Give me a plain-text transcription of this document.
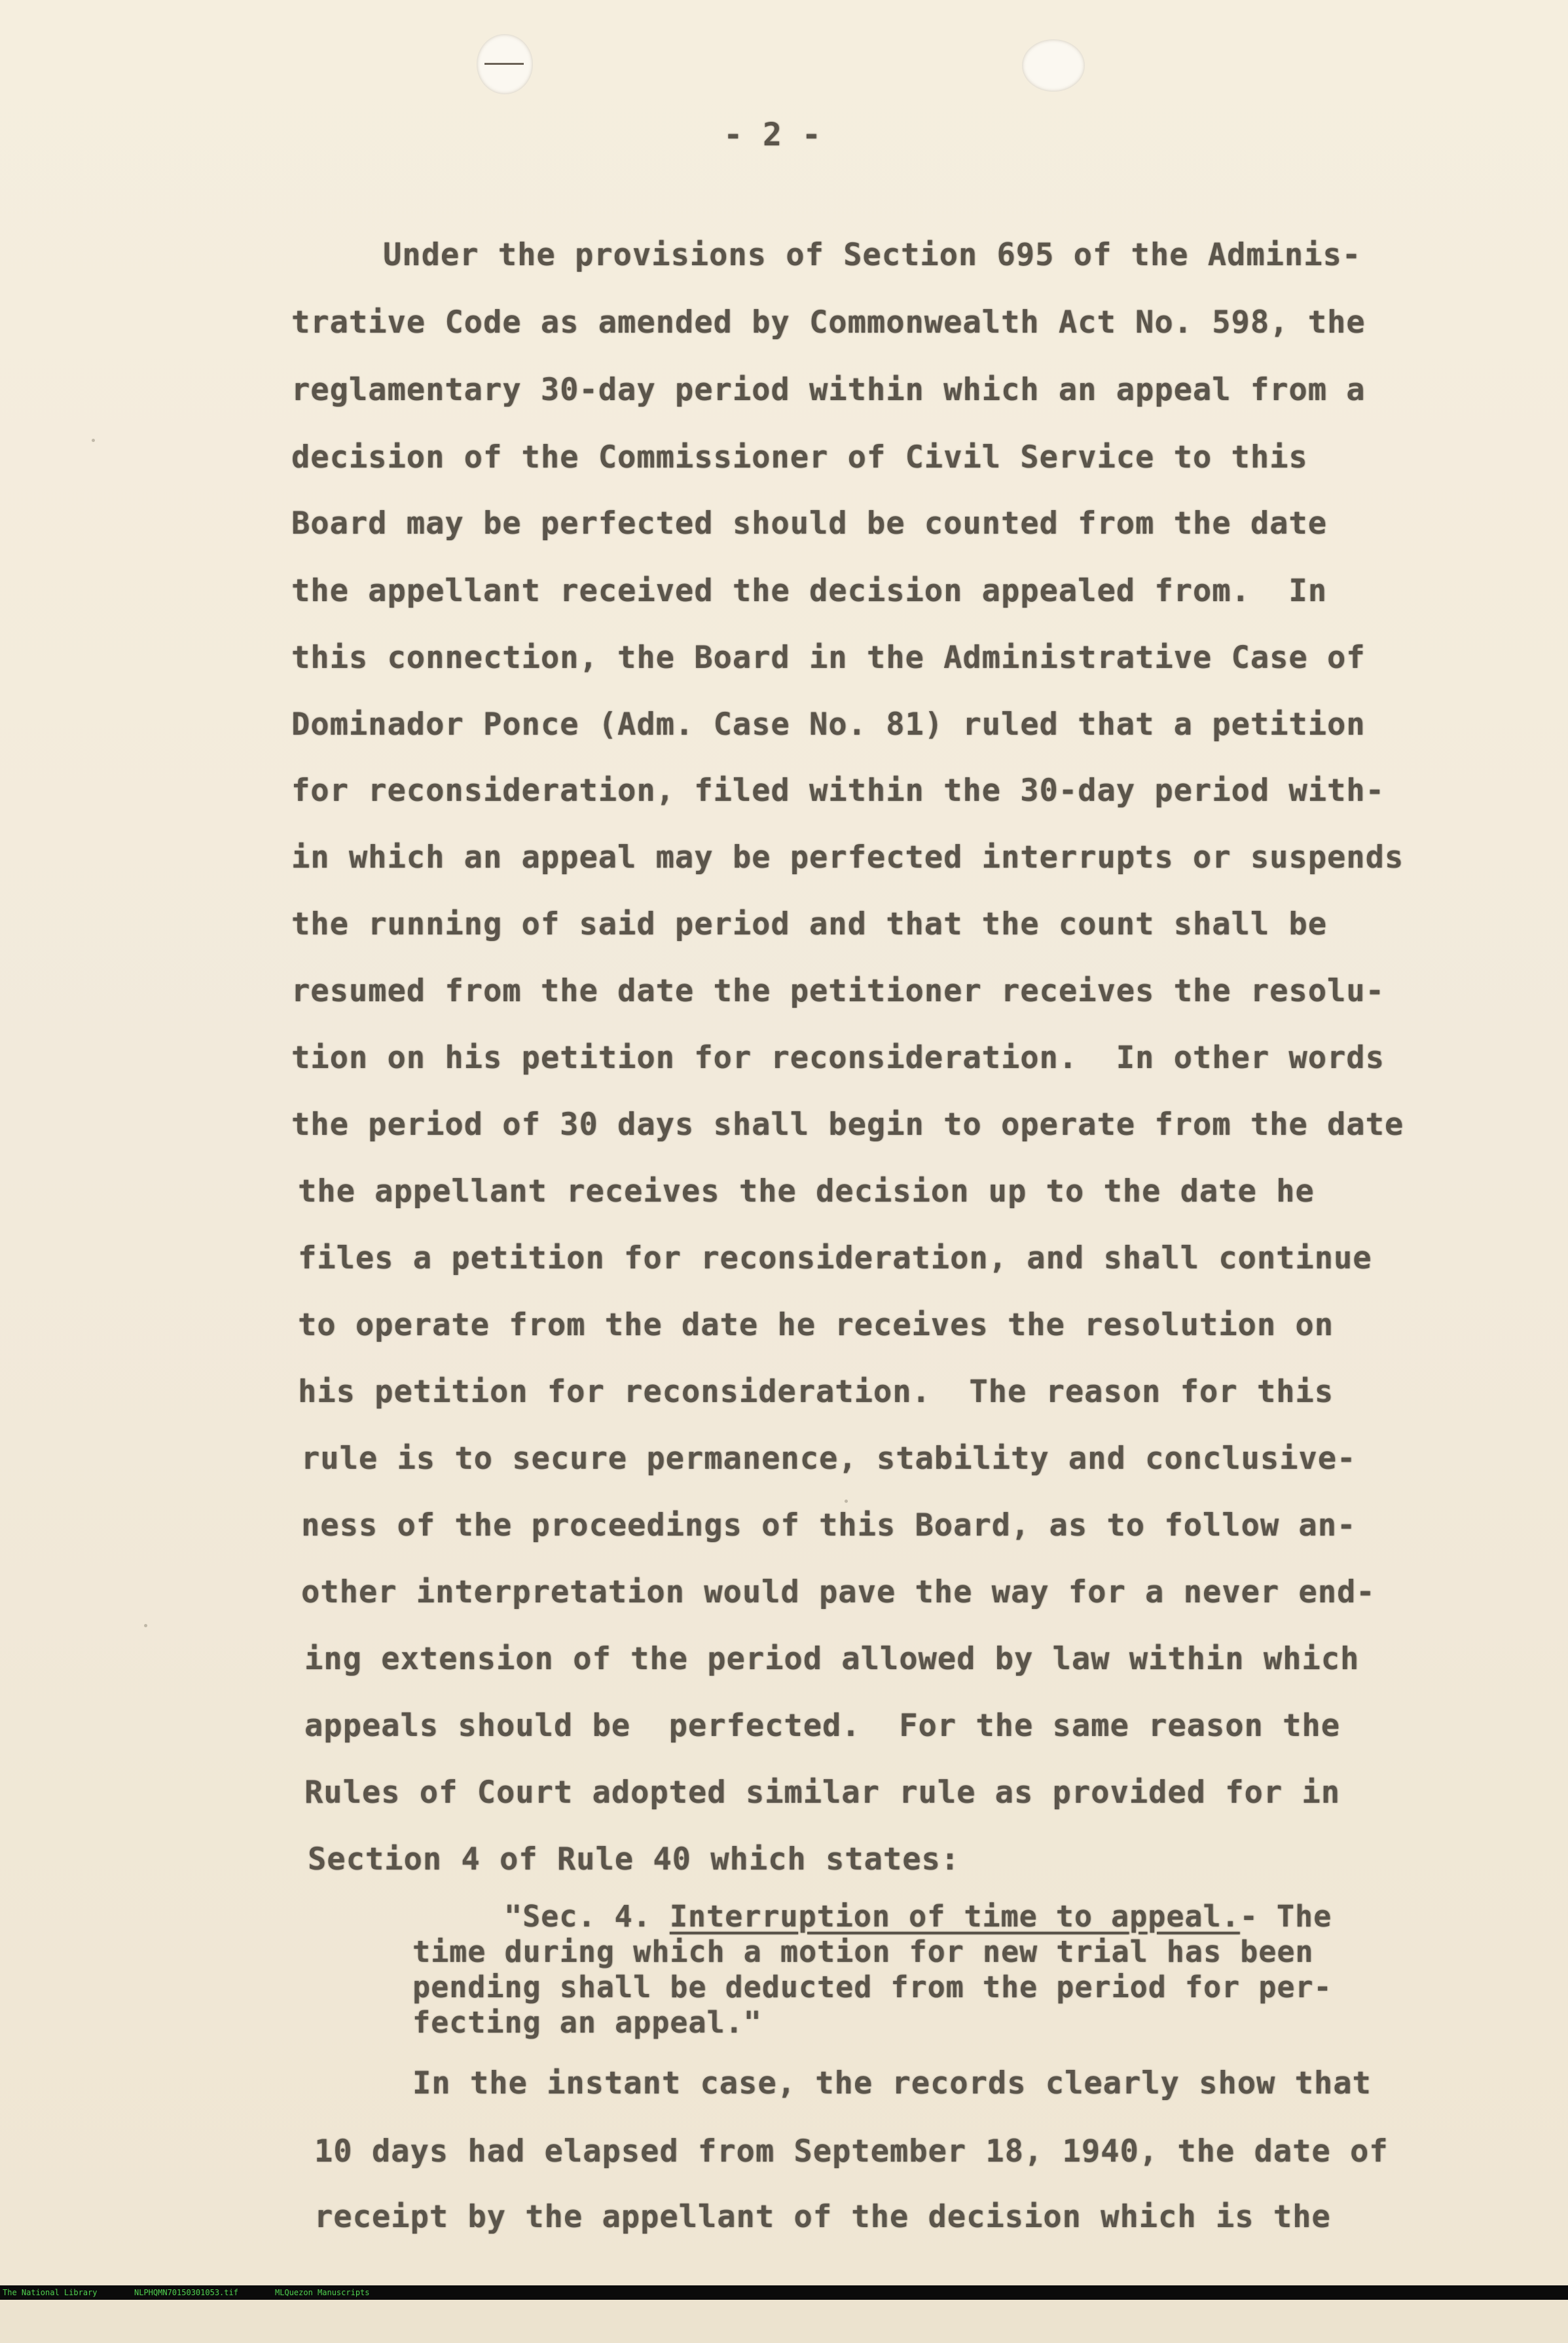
- 2 -
Under the provisions of Section 695 of the Adminis-
trative Code as amended by Commonwealth Act No. 598, the
reglamentary 30-day period within which an appeal from a
decision of the Commissioner of Civil Service to this
Board may be perfected should be counted from the date
the appellant received the decision appealed from.  In
this connection, the Board in the Administrative Case of
Dominador Ponce (Adm. Case No. 81) ruled that a petition
for reconsideration, filed within the 30-day period with-
in which an appeal may be perfected interrupts or suspends
the running of said period and that the count shall be
resumed from the date the petitioner receives the resolu-
tion on his petition for reconsideration.  In other words
the period of 30 days shall begin to operate from the date
the appellant receives the decision up to the date he
files a petition for reconsideration, and shall continue
to operate from the date he receives the resolution on
his petition for reconsideration.  The reason for this
rule is to secure permanence, stability and conclusive-
ness of the proceedings of this Board, as to follow an-
other interpretation would pave the way for a never end-
ing extension of the period allowed by law within which
appeals should be  perfected.  For the same reason the
Rules of Court adopted similar rule as provided for in
Section 4 of Rule 40 which states:
"Sec. 4. Interruption of time to appeal.- The
time during which a motion for new trial has been
pending shall be deducted from the period for per-
fecting an appeal."
In the instant case, the records clearly show that
10 days had elapsed from September 18, 1940, the date of
receipt by the appellant of the decision which is the

The National Library

	NLPHQMN70150301053.tif

	MLQuezon Manuscripts
